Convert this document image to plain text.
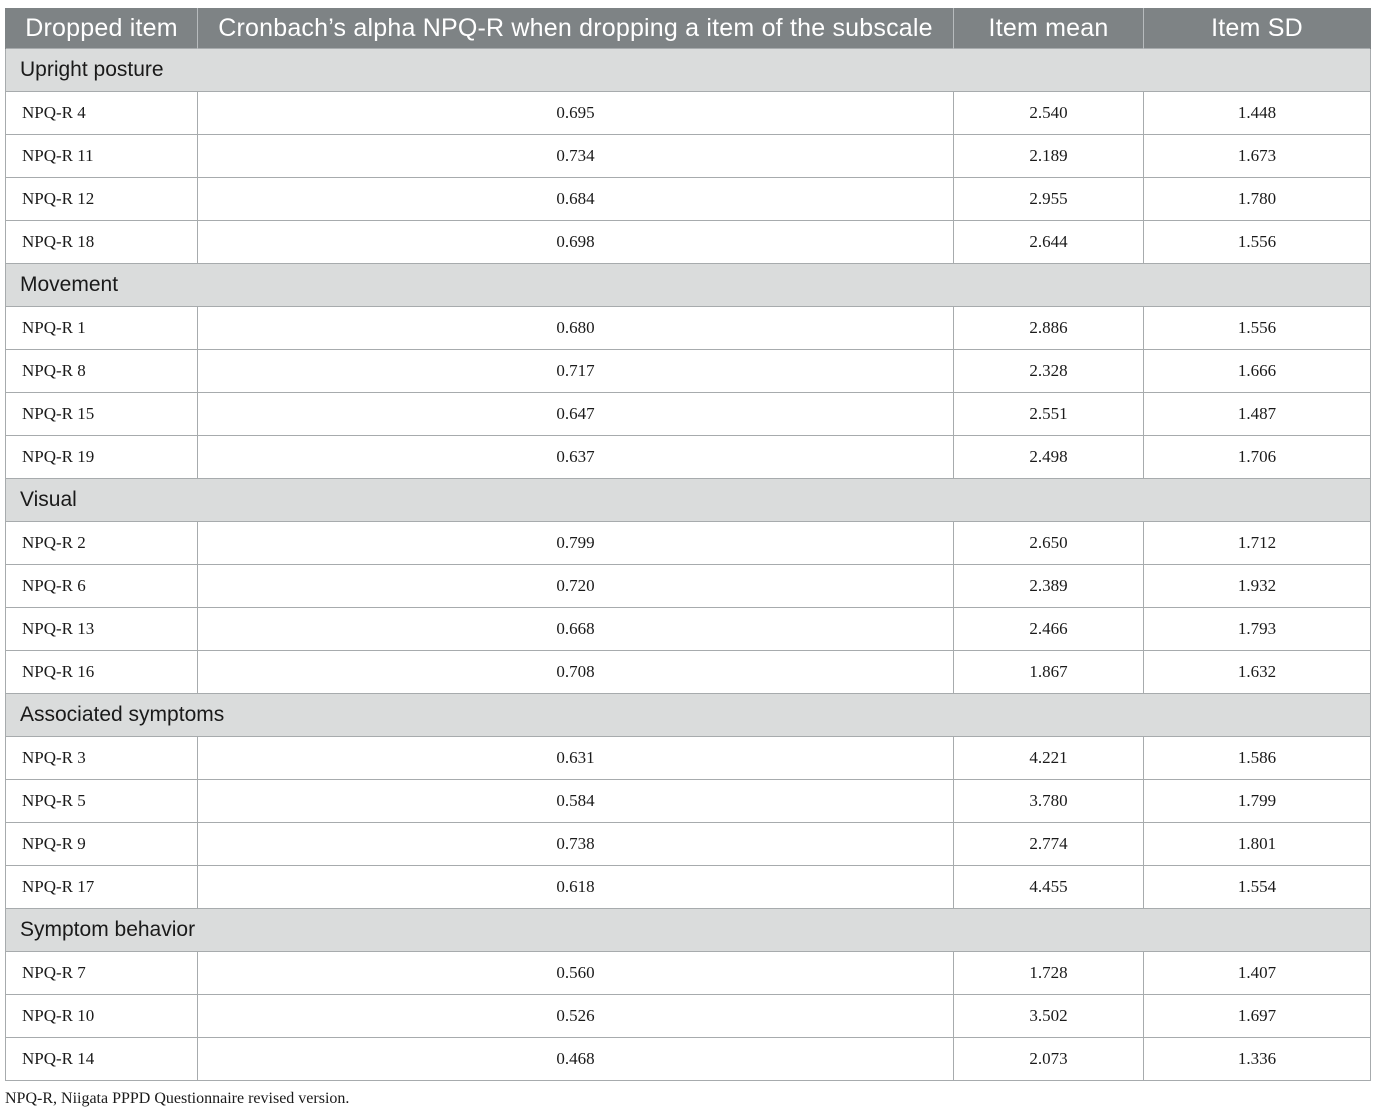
Dropped item	Cronbach’s alpha NPQ-R when dropping a item of the subscale	Item mean	Item SD
Upright posture			
NPQ-R 4	0.695	2.540	1.448
NPQ-R 11	0.734	2.189	1.673
NPQ-R 12	0.684	2.955	1.780
NPQ-R 18	0.698	2.644	1.556
Movement			
NPQ-R 1	0.680	2.886	1.556
NPQ-R 8	0.717	2.328	1.666
NPQ-R 15	0.647	2.551	1.487
NPQ-R 19	0.637	2.498	1.706
Visual			
NPQ-R 2	0.799	2.650	1.712
NPQ-R 6	0.720	2.389	1.932
NPQ-R 13	0.668	2.466	1.793
NPQ-R 16	0.708	1.867	1.632
Associated symptoms			
NPQ-R 3	0.631	4.221	1.586
NPQ-R 5	0.584	3.780	1.799
NPQ-R 9	0.738	2.774	1.801
NPQ-R 17	0.618	4.455	1.554
Symptom behavior			
NPQ-R 7	0.560	1.728	1.407
NPQ-R 10	0.526	3.502	1.697
NPQ-R 14	0.468	2.073	1.336

NPQ-R, Niigata PPPD Questionnaire revised version.
